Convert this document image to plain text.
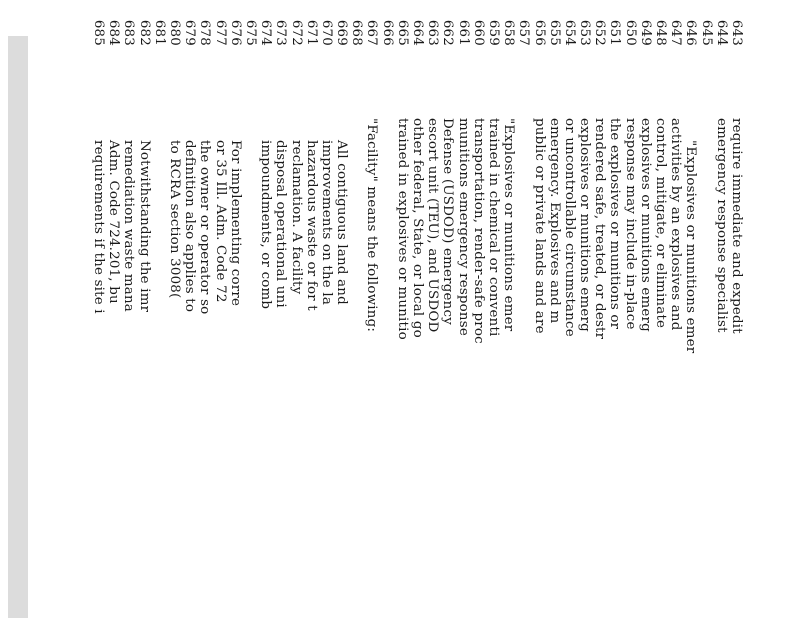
643
644
645
646
647
648
649
650
651
652
653
654
655
656
657
658
659
660
661
662
663
664
665
666
667
668
669
670
671
672
673
674
675
676
677
678
679
680
681
682
683
684
685
require immediate and expedit
emergency response specialist
"Explosives or munitions emer
activities by an explosives and
control, mitigate, or eliminate
explosives or munitions emerg
response may include in-place
the explosives or munitions or
rendered safe, treated, or destr
explosives or munitions emerg
or uncontrollable circumstance
emergency. Explosives and m
public or private lands and are
"Explosives or munitions emer
trained in chemical or conventi
transportation, render-safe proc
munitions emergency response
Defense (USDOD) emergency
escort unit (TEU), and USDOD
other federal, State, or local go
trained in explosives or munitio
"Facility" means the following:
All contiguous land and
improvements on the la
hazardous waste or for t
reclamation. A facility
disposal operational uni
impoundments, or comb
For implementing corre
or 35 Ill. Adm. Code 72
the owner or operator so
definition also applies to
to RCRA section 3008(
Notwithstanding the imr
remediation waste mana
Adm. Code 724.201, bu
requirements if the site i
